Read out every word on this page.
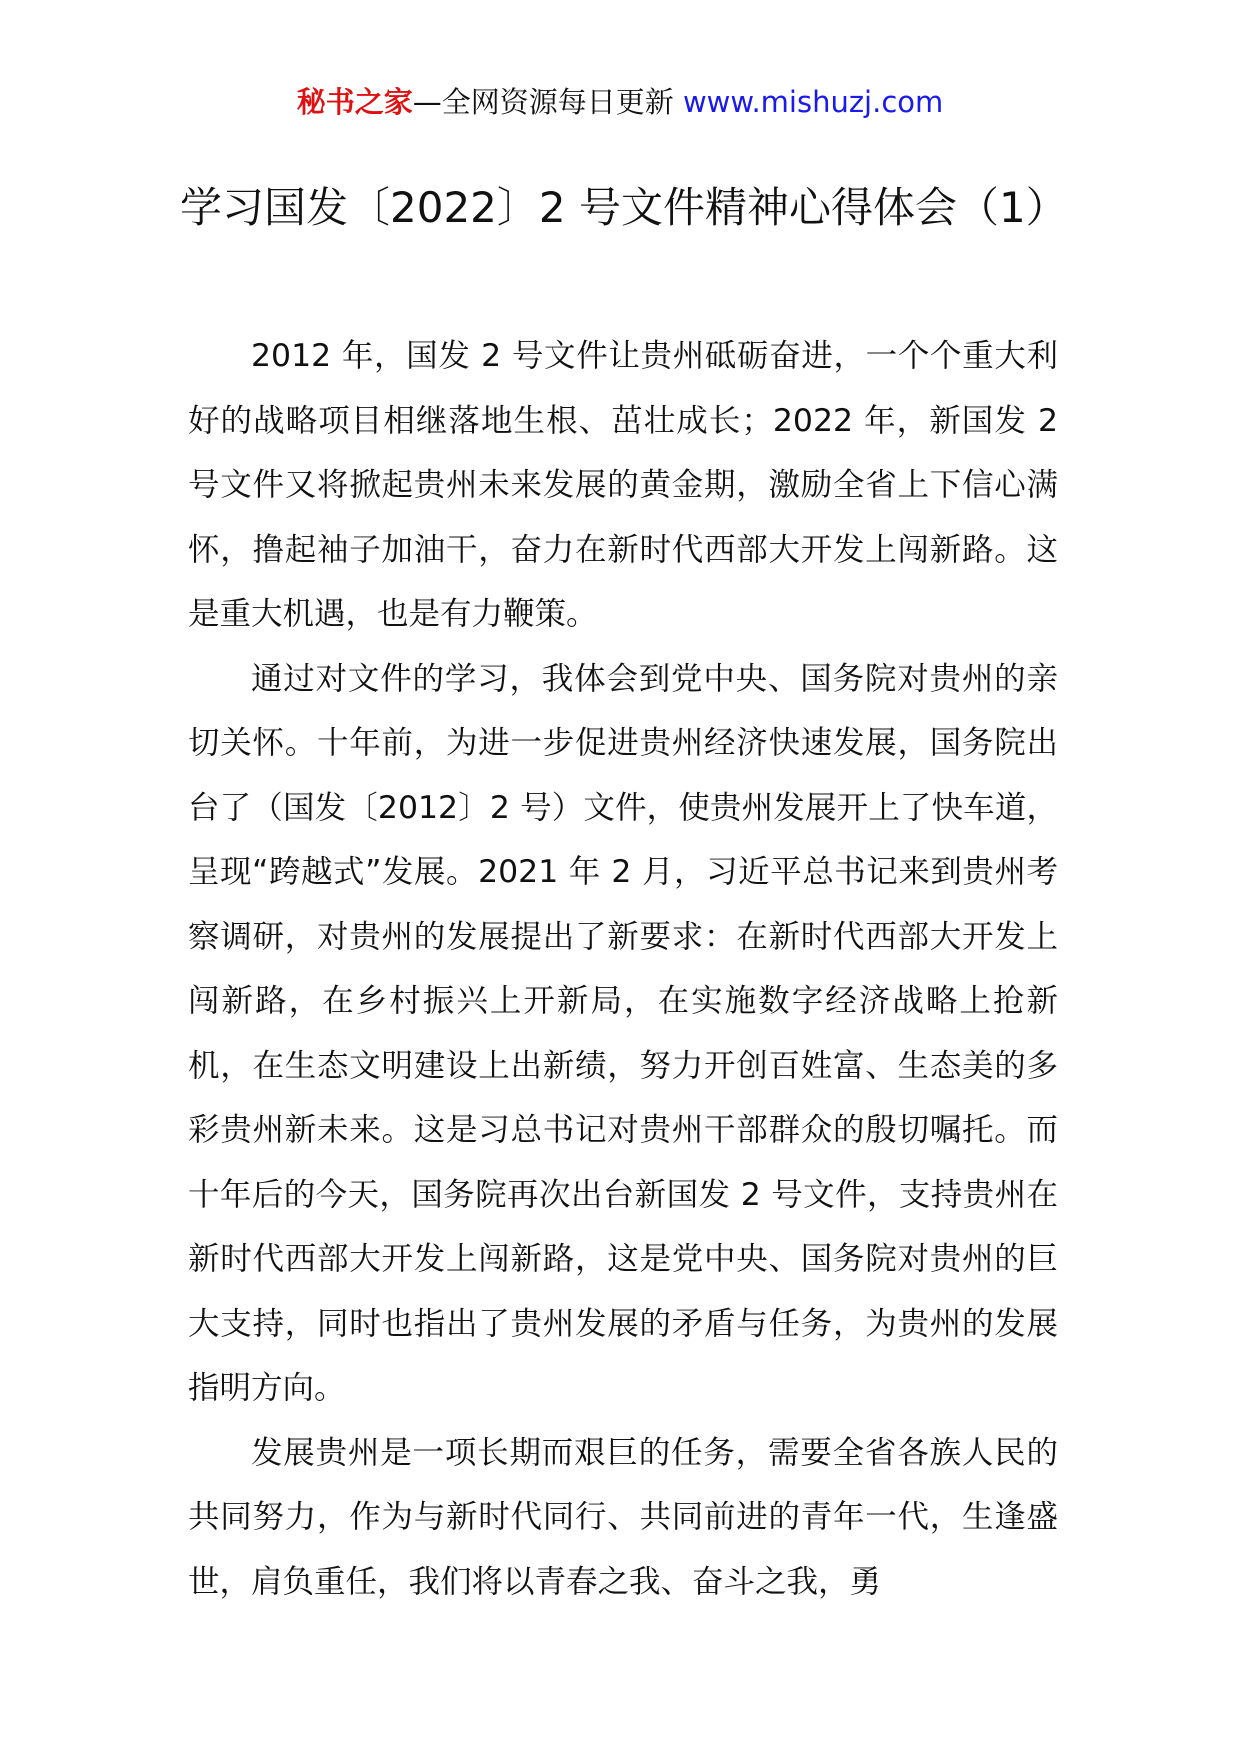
秘书之家—全网资源每日更新 www.mishuzj.com
学习国发〔2022〕2 号文件精神心得体会（1）

2012 年，国发 2 号文件让贵州砥砺奋进，一个个重大利好的战略项目相继落地生根、茁壮成长；2022 年，新国发 2 号文件又将掀起贵州未来发展的黄金期，激励全省上下信心满怀，撸起袖子加油干，奋力在新时代西部大开发上闯新路。这是重大机遇，也是有力鞭策。

通过对文件的学习，我体会到党中央、国务院对贵州的亲切关怀。十年前，为进一步促进贵州经济快速发展，国务院出台了（国发〔2012〕2 号）文件，使贵州发展开上了快车道，呈现“跨越式”发展。2021 年 2 月，习近平总书记来到贵州考察调研，对贵州的发展提出了新要求：在新时代西部大开发上闯新路，在乡村振兴上开新局，在实施数字经济战略上抢新机，在生态文明建设上出新绩，努力开创百姓富、生态美的多彩贵州新未来。这是习总书记对贵州干部群众的殷切嘱托。而十年后的今天，国务院再次出台新国发 2 号文件，支持贵州在新时代西部大开发上闯新路，这是党中央、国务院对贵州的巨大支持，同时也指出了贵州发展的矛盾与任务，为贵州的发展指明方向。

发展贵州是一项长期而艰巨的任务，需要全省各族人民的共同努力，作为与新时代同行、共同前进的青年一代，生逢盛世，肩负重任，我们将以青春之我、奋斗之我，勇
